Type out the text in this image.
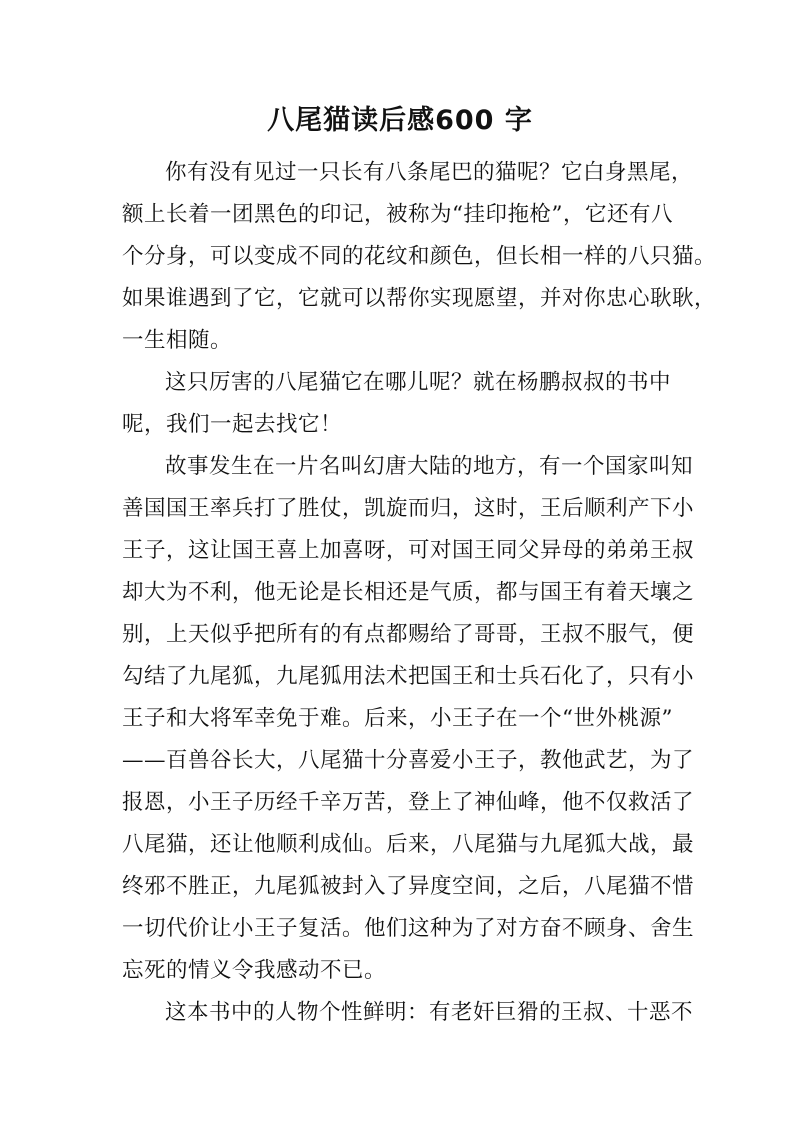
八尾猫读后感600 字
你有没有见过一只长有八条尾巴的猫呢？它白身黑尾，
额上长着一团黑色的印记，被称为“挂印拖枪”，它还有八
个分身，可以变成不同的花纹和颜色，但长相一样的八只猫。
如果谁遇到了它，它就可以帮你实现愿望，并对你忠心耿耿，
一生相随。
这只厉害的八尾猫它在哪儿呢？就在杨鹏叔叔的书中
呢，我们一起去找它！
故事发生在一片名叫幻唐大陆的地方，有一个国家叫知
善国国王率兵打了胜仗，凯旋而归，这时，王后顺利产下小
王子，这让国王喜上加喜呀，可对国王同父异母的弟弟王叔
却大为不利，他无论是长相还是气质，都与国王有着天壤之
别，上天似乎把所有的有点都赐给了哥哥，王叔不服气，便
勾结了九尾狐，九尾狐用法术把国王和士兵石化了，只有小
王子和大将军幸免于难。后来，小王子在一个“世外桃源”
——百兽谷长大，八尾猫十分喜爱小王子，教他武艺，为了
报恩，小王子历经千辛万苦，登上了神仙峰，他不仅救活了
八尾猫，还让他顺利成仙。后来，八尾猫与九尾狐大战，最
终邪不胜正，九尾狐被封入了异度空间，之后，八尾猫不惜
一切代价让小王子复活。他们这种为了对方奋不顾身、舍生
忘死的情义令我感动不已。
这本书中的人物个性鲜明：有老奸巨猾的王叔、十恶不
